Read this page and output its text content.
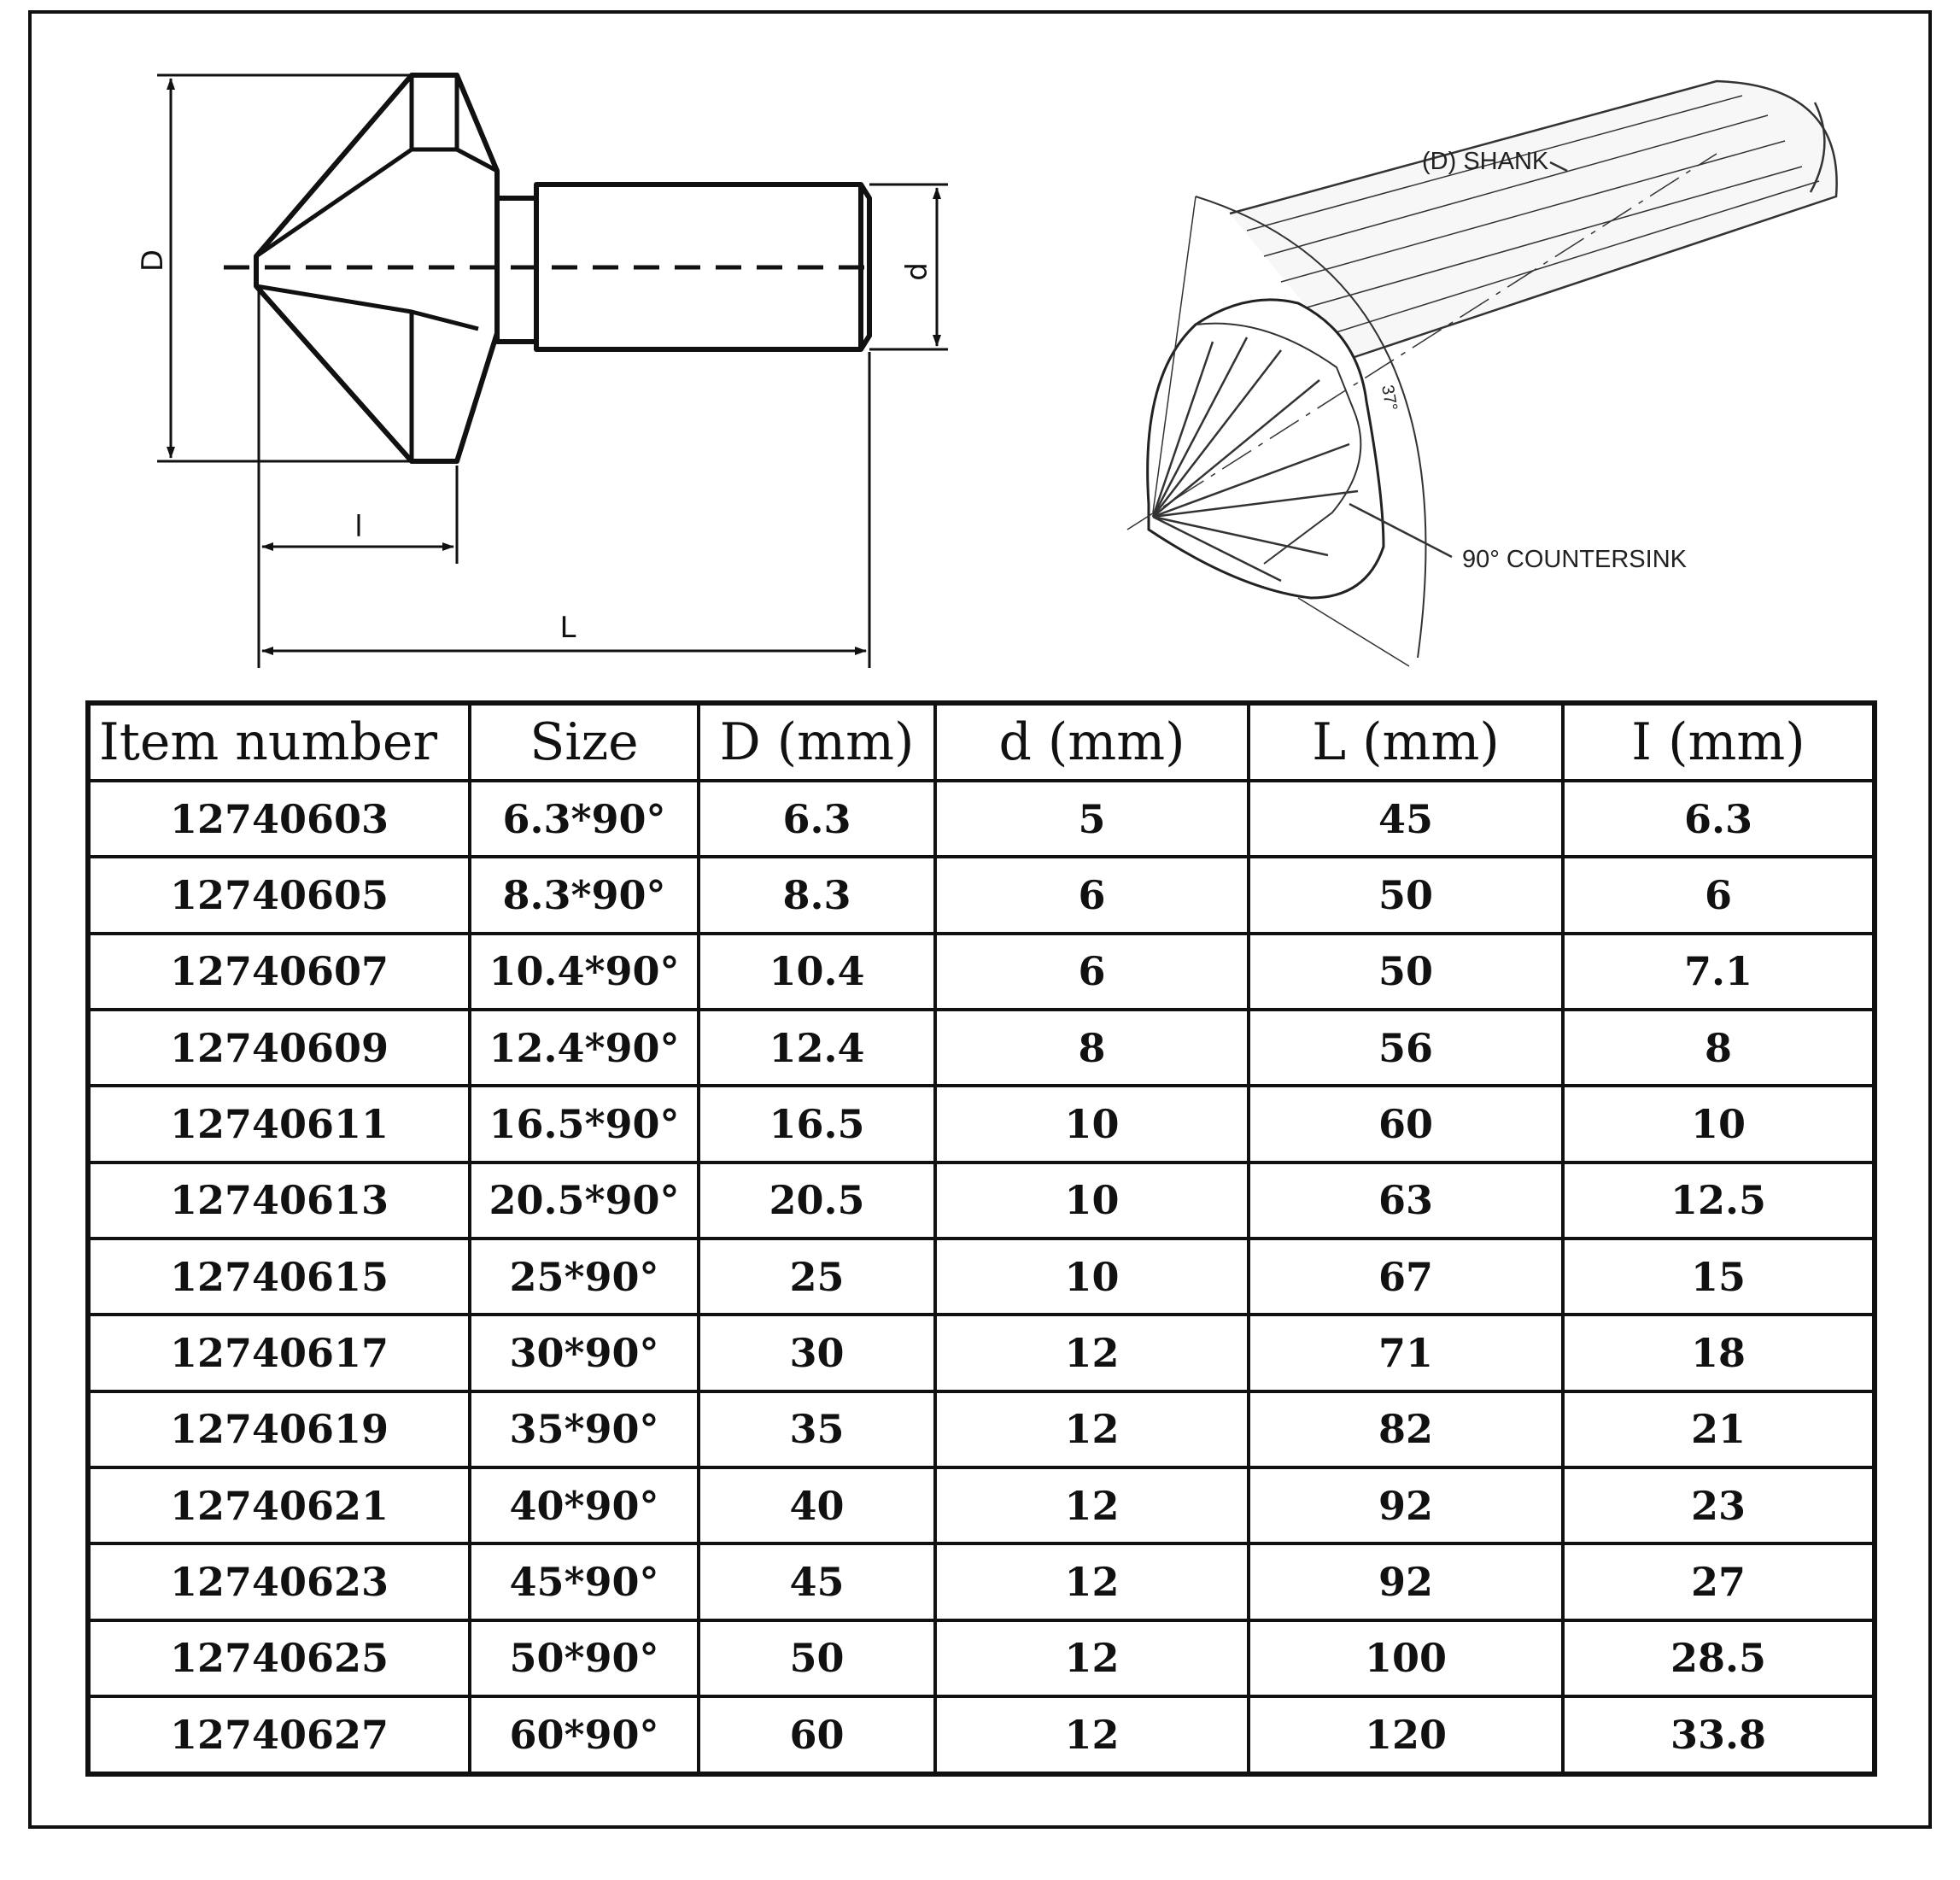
D	d
l
L
(D) SHANK
90° COUNTERSINK
37°
Item number	Size	D (mm)	d (mm)	L (mm)	I (mm)
12740603	6.3*90°	6.3	5	45	6.3
12740605	8.3*90°	8.3	6	50	6
12740607	10.4*90°	10.4	6	50	7.1
12740609	12.4*90°	12.4	8	56	8
12740611	16.5*90°	16.5	10	60	10
12740613	20.5*90°	20.5	10	63	12.5
12740615	25*90°	25	10	67	15
12740617	30*90°	30	12	71	18
12740619	35*90°	35	12	82	21
12740621	40*90°	40	12	92	23
12740623	45*90°	45	12	92	27
12740625	50*90°	50	12	100	28.5
12740627	60*90°	60	12	120	33.8
